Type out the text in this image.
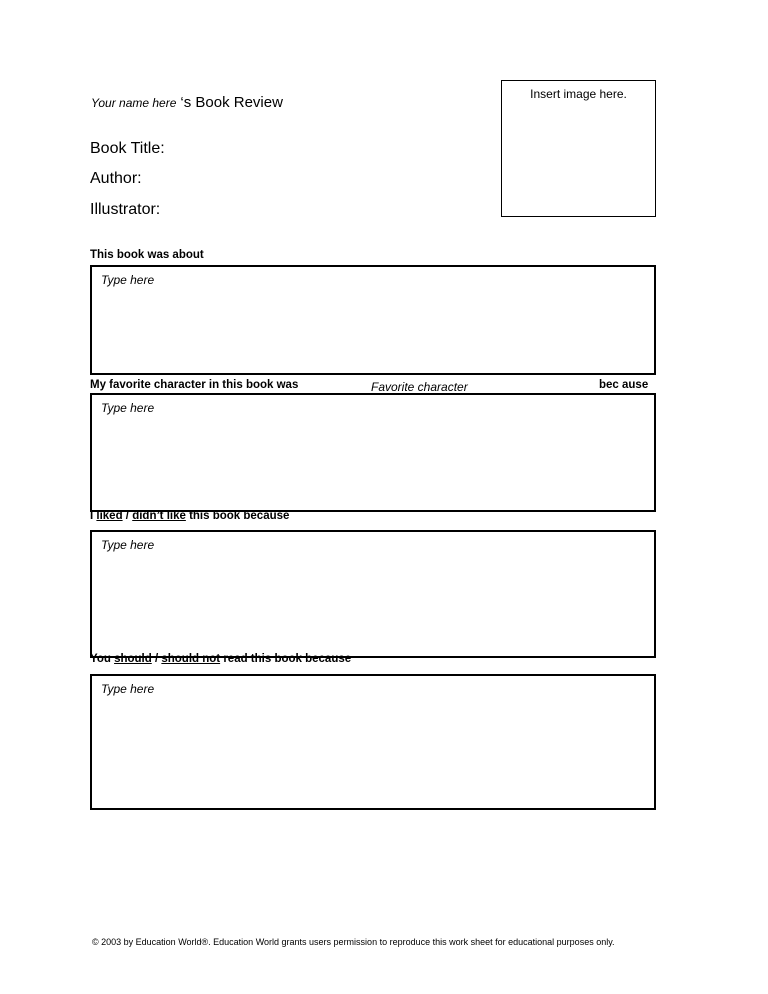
Your name here ‘s Book Review
Book Title:
Author:
Illustrator:
Insert image here.
This book was about
Type here
My favorite character in this book was	Favorite character	bec ause
Type here
I liked / didn’t like this book because
Type here
You should / should not read this book because
Type here
© 2003 by Education World®. Education World grants users permission to reproduce this work sheet for educational purposes only.
